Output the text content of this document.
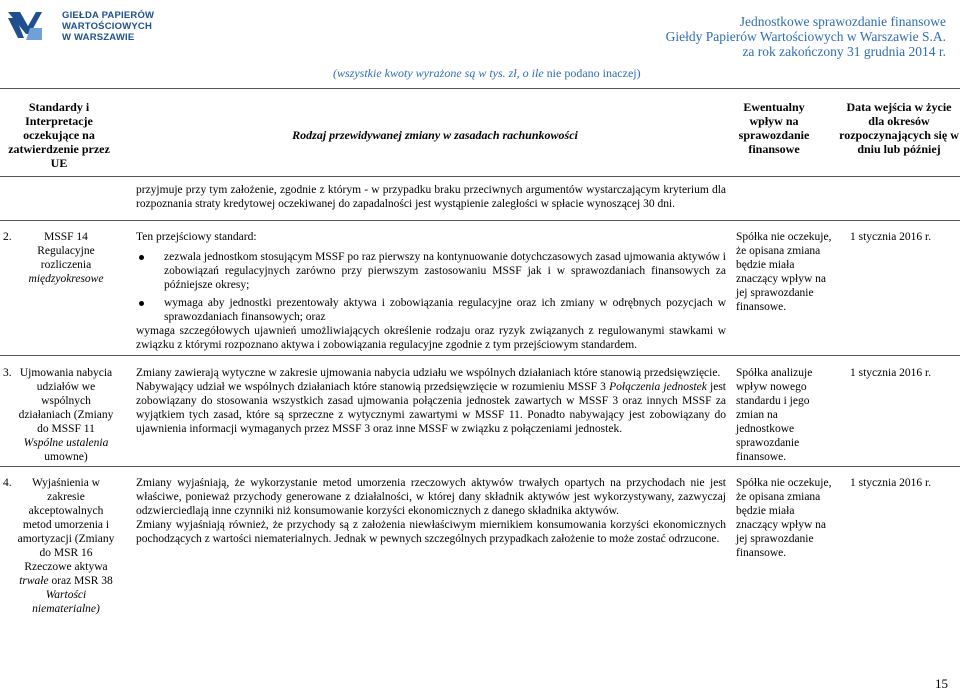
GIEŁDA PAPIERÓW
WARTOŚCIOWYCH
W WARSZAWIE
Jednostkowe sprawozdanie finansowe
Giełdy Papierów Wartościowych w Warszawie S.A.
za rok zakończony 31 grudnia 2014 r.
(wszystkie kwoty wyrażone są w tys. zł, o ile nie podano inaczej)
Standardy i Interpretacje oczekujące na zatwierdzenie przez UE
Rodzaj przewidywanej zmiany w zasadach rachunkowości
Ewentualny wpływ na sprawozdanie finansowe
Data wejścia w życie dla okresów rozpoczynających się w dniu lub później
przyjmuje przy tym założenie, zgodnie z którym - w przypadku braku przeciwnych argumentów wystarczającym kryterium dla rozpoznania straty kredytowej oczekiwanej do zapadalności jest wystąpienie zaległości w spłacie wynoszącej 30 dni.
2.	MSSF 14
Regulacyjne rozliczenia
międzyokresowe

Ten przejściowy standard:

zezwala jednostkom stosującym MSSF po raz pierwszy na kontynuowanie dotychczasowych zasad ujmowania aktywów i zobowiązań regulacyjnych zarówno przy pierwszym zastosowaniu MSSF jak i w sprawozdaniach finansowych za późniejsze okresy;
wymaga aby jednostki prezentowały aktywa i zobowiązania regulacyjne oraz ich zmiany w odrębnych pozycjach w sprawozdaniach finansowych; oraz

wymaga szczegółowych ujawnień umożliwiających określenie rodzaju oraz ryzyk związanych z regulowanymi stawkami w związku z którymi rozpoznano aktywa i zobowiązania regulacyjne zgodnie z tym przejściowym standardem.

Spółka nie oczekuje, że opisana zmiana będzie miała znaczący wpływ na jej sprawozdanie finansowe.
1 stycznia 2016 r.
3. Ujmowania nabycia udziałów we wspólnych działaniach (Zmiany do MSSF 11
Wspólne ustalenia
umowne)

Zmiany zawierają wytyczne w zakresie ujmowania nabycia udziału we wspólnych działaniach które stanowią przedsięwzięcie.

Nabywający udział we wspólnych działaniach które stanowią przedsięwzięcie w rozumieniu MSSF 3 Połączenia jednostek jest zobowiązany do stosowania wszystkich zasad ujmowania połączenia jednostek zawartych w MSSF 3 oraz innych MSSF za wyjątkiem tych zasad, które są sprzeczne z wytycznymi zawartymi w MSSF 11. Ponadto nabywający jest zobowiązany do ujawnienia informacji wymaganych przez MSSF 3 oraz inne MSSF w związku z połączeniami jednostek.

Spółka analizuje wpływ nowego standardu i jego zmian na jednostkowe sprawozdanie finansowe.
1 stycznia 2016 r.
4.	Wyjaśnienia w zakresie akceptowalnych metod umorzenia i amortyzacji (Zmiany do MSR 16 Rzeczowe aktywa
trwałe oraz MSR 38
Wartości
niematerialne)

Zmiany wyjaśniają, że wykorzystanie metod umorzenia rzeczowych aktywów trwałych opartych na przychodach nie jest właściwe, ponieważ przychody generowane z działalności, w której dany składnik aktywów jest wykorzystywany, zazwyczaj odzwierciedlają inne czynniki niż konsumowanie korzyści ekonomicznych z danego składnika aktywów.

Zmiany wyjaśniają również, że przychody są z założenia niewłaściwym miernikiem konsumowania korzyści ekonomicznych pochodzących z wartości niematerialnych. Jednak w pewnych szczególnych przypadkach założenie to może zostać odrzucone.

Spółka nie oczekuje, że opisana zmiana będzie miała znaczący wpływ na jej sprawozdanie finansowe.
1 stycznia 2016 r.
15
